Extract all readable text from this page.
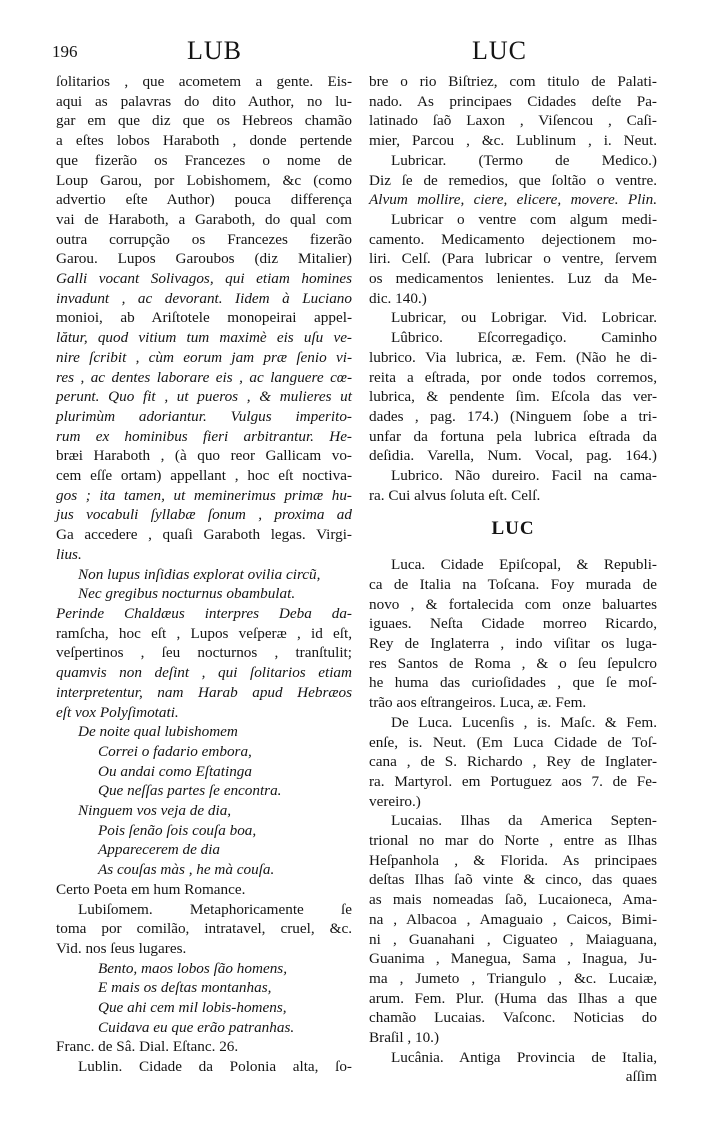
196	LUB	LUC
ſolitarios , que acometem a gente. Eis-
aqui as palavras do dito Author, no lu-
gar em que diz que os Hebreos chamão
a eſtes lobos Haraboth , donde pertende
que fizerão os Francezes o nome de
Loup Garou, por Lobishomem, &c (como
advertio eſte Author) pouca differença
vai de Haraboth, a Garaboth, do qual com
outra corrupção os Francezes fizerão
Garou. Lupos Garoubos (diz Mitalier)
Galli vocant Solivagos, qui etiam homines
invadunt , ac devorant. Iidem à Luciano
monioi, ab Ariſtotele monopeirai appel-
lătur, quod vitium tum maximè eis uſu ve-
nire ſcribit , cùm eorum jam præ ſenio vi-
res , ac dentes laborare eis , ac languere cœ-
perunt. Quo fit , ut pueros , & mulieres ut
plurimùm adoriantur. Vulgus imperito-
rum ex hominibus fieri arbitrantur. He-
bræi Haraboth , (à quo reor Gallicam vo-
cem eſſe ortam) appellant , hoc eſt noctiva-
gos ; ita tamen, ut meminerimus primæ hu-
jus vocabuli ſyllabæ ſonum , proxima ad
Ga accedere , quaſi Garaboth legas. Virgi-
lius.
Non lupus inſidias explorat ovilia circũ,
Nec gregibus nocturnus obambulat.
Perinde Chaldæus interpres Deba da-
ramſcha, hoc eſt , Lupos veſperæ , id eſt,
veſpertinos , ſeu nocturnos , tranſtulit;
quamvis non deſint , qui ſolitarios etiam
interpretentur, nam Harab apud Hebræos
eſt vox Polyſimotati.
De noite qual lubishomem
Correi o fadario embora,
Ou andai como Eſtatinga
Que neſſas partes ſe encontra.
Ninguem vos veja de dia,
Pois ſenão ſois couſa boa,
Apparecerem de dia
As couſas màs , he mà couſa.
Certo Poeta em hum Romance.
Lubiſomem. Metaphoricamente ſe
toma por comilão, intratavel, cruel, &c.
Vid. nos ſeus lugares.
Bento, maos lobos ſão homens,
E mais os deſtas montanhas,
Que ahi cem mil lobis-homens,
Cuidava eu que erão patranhas.
Franc. de Sâ. Dial. Eſtanc. 26.
Lublin. Cidade da Polonia alta, ſo-
bre o rio Biſtriez, com titulo de Palati-
nado. As principaes Cidades deſte Pa-
latinado ſaõ Laxon , Viſencou , Caſi-
mier, Parcou , &c. Lublinum , i. Neut.
Lubricar. (Termo de Medico.)
Diz ſe de remedios, que ſoltão o ventre.
Alvum mollire, ciere, elicere, movere. Plin.
Lubricar o ventre com algum medi-
camento. Medicamento dejectionem mo-
liri. Celſ. (Para lubricar o ventre, ſervem
os medicamentos lenientes. Luz da Me-
dic. 140.)
Lubricar, ou Lobrigar. Vid. Lobricar.
Lûbrico. Eſcorregadiço. Caminho
lubrico. Via lubrica, æ. Fem. (Não he di-
reita a eſtrada, por onde todos corremos,
lubrica, & pendente ſim. Eſcola das ver-
dades , pag. 174.) (Ninguem ſobe a tri-
unfar da fortuna pela lubrica eſtrada da
deſidia. Varella, Num. Vocal, pag. 164.)
Lubrico. Não dureiro. Facil na cama-
ra. Cui alvus ſoluta eſt. Celſ.
LUC
Luca. Cidade Epiſcopal, & Republi-
ca de Italia na Toſcana. Foy murada de
novo , & fortalecida com onze baluartes
iguaes. Neſta Cidade morreo Ricardo,
Rey de Inglaterra , indo viſitar os luga-
res Santos de Roma , & o ſeu ſepulcro
he huma das curioſidades , que ſe moſ-
trão aos eſtrangeiros. Luca, æ. Fem.
De Luca. Lucenſis , is. Maſc. & Fem.
enſe, is. Neut. (Em Luca Cidade de Toſ-
cana , de S. Richardo , Rey de Inglater-
ra. Martyrol. em Portuguez aos 7. de Fe-
vereiro.)
Lucaias. Ilhas da America Septen-
trional no mar do Norte , entre as Ilhas
Heſpanhola , & Florida. As principaes
deſtas Ilhas ſaõ vinte & cinco, das quaes
as mais nomeadas ſaõ, Lucaioneca, Ama-
na , Albacoa , Amaguaio , Caicos, Bimi-
ni , Guanahani , Ciguateo , Maiaguana,
Guanima , Manegua, Sama , Inagua, Ju-
ma , Jumeto , Triangulo , &c. Lucaiæ,
arum. Fem. Plur. (Huma das Ilhas a que
chamão Lucaias. Vaſconc. Noticias do
Braſil , 10.)
Lucânia. Antiga Provincia de Italia,
aſſim
